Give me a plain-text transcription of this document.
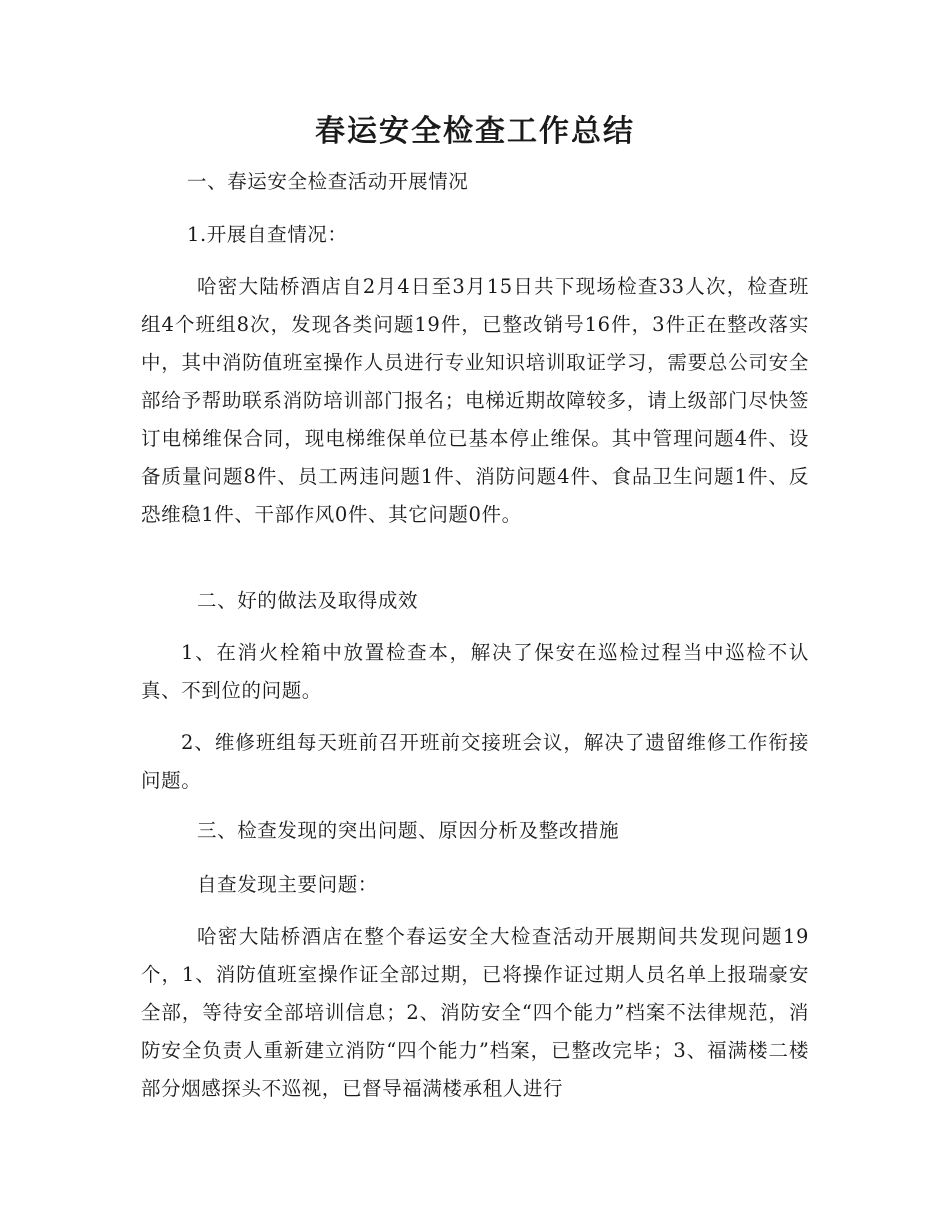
春运安全检查工作总结
一、春运安全检查活动开展情况
1.开展自查情况：
哈密大陆桥酒店自2月4日至3月15日共下现场检查33人次，检查班组4个班组8次，发现各类问题19件，已整改销号16件，3件正在整改落实中，其中消防值班室操作人员进行专业知识培训取证学习，需要总公司安全部给予帮助联系消防培训部门报名；电梯近期故障较多，请上级部门尽快签订电梯维保合同，现电梯维保单位已基本停止维保。其中管理问题4件、设备质量问题8件、员工两违问题1件、消防问题4件、食品卫生问题1件、反恐维稳1件、干部作风0件、其它问题0件。
二、好的做法及取得成效
1、在消火栓箱中放置检查本，解决了保安在巡检过程当中巡检不认真、不到位的问题。
2、维修班组每天班前召开班前交接班会议，解决了遗留维修工作衔接问题。
三、检查发现的突出问题、原因分析及整改措施
自查发现主要问题：
哈密大陆桥酒店在整个春运安全大检查活动开展期间共发现问题19个，1、消防值班室操作证全部过期，已将操作证过期人员名单上报瑞豪安全部，等待安全部培训信息；2、消防安全“四个能力”档案不法律规范，消防安全负责人重新建立消防“四个能力”档案，已整改完毕；3、福满楼二楼部分烟感探头不巡视，已督导福满楼承租人进行
